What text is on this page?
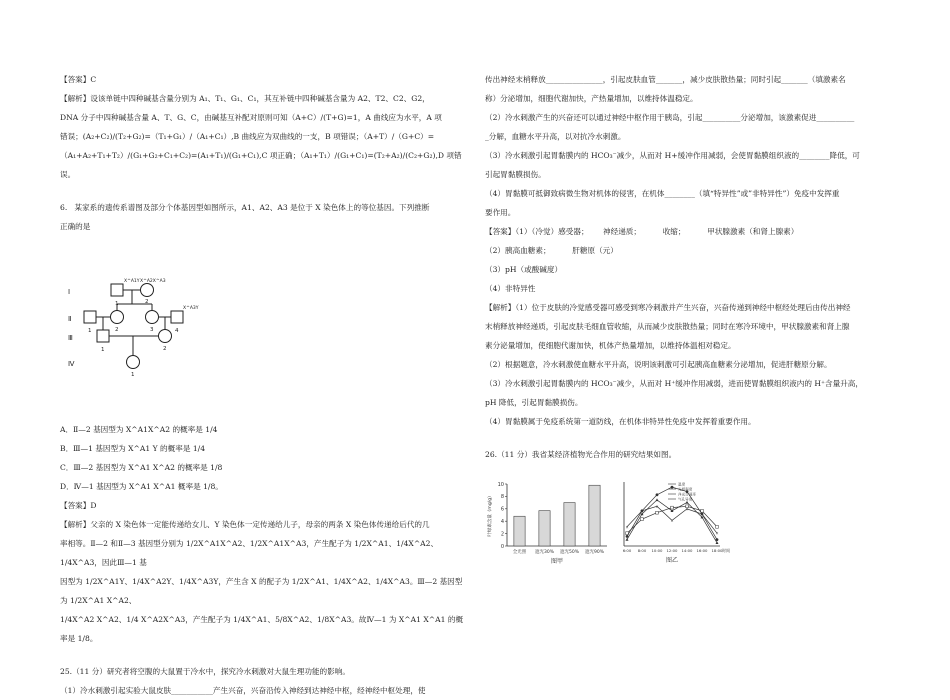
【答案】C

【解析】设该单链中四种碱基含量分别为 A₁、T₁、G₁、C₁，其互补链中四种碱基含量为 A2、T2、C2、G2，

DNA 分子中四种碱基含量 A、T、G、C，由碱基互补配对原则可知（A+C）/(T+G)=1，A 曲线应为水平，A 项

错误；(A₂+C₂)/(T₂+G₂)=（T₁+G₁）/（A₁+C₁）,B 曲线应为双曲线的一支，B 项错误；（A+T）/（G+C）=

（A₁+A₂+T₁+T₂）/(G₁+G₂+C₁+C₂)=(A₁+T₁)/(G₁+C₁),C 项正确；（A₁+T₁）/(G₁+C₁)=(T₂+A₂)/(C₂+G₂),D 项错误。

6.   某家系的遗传系谱图及部分个体基因型如图所示，A1、A2、A3 是位于 X 染色体上的等位基因。下列推断

正确的是

Ⅰ
Ⅱ
Ⅲ
Ⅳ
1	2
1	2	3	4
1	2
1
X^A1Y X^A2X^A3
X^A3Y

A．Ⅱ—2 基因型为 X^A1X^A2 的概率是 1/4

B．Ⅲ—1 基因型为 X^A1 Y 的概率是 1/4

C．Ⅲ—2 基因型为 X^A1 X^A2 的概率是 1/8

D．Ⅳ—1 基因型为 X^A1 X^A1 概率是 1/8。

【答案】D

【解析】父亲的 X 染色体一定能传递给女儿、Y 染色体一定传递给儿子，母亲的两条 X 染色体传递给后代的几

率相等。Ⅱ—2 和Ⅱ—3 基因型分别为 1/2X^A1X^A2、1/2X^A1X^A3，产生配子为 1/2X^A1、1/4X^A2、1/4X^A3，因此Ⅲ—1 基

因型为 1/2X^A1Y、1/4X^A2Y、1/4X^A3Y，产生含 X 的配子为 1/2X^A1、1/4X^A2、1/4X^A3。Ⅲ—2 基因型为 1/2X^A1 X^A2、

1/4X^A2 X^A2、1/4 X^A2X^A3，产生配子为 1/4X^A1、5/8X^A2、1/8X^A3。故Ⅳ—1 为 X^A1 X^A1 的概率是 1/8。

25.（11 分）研究者将空腹的大鼠置于冷水中，探究冷水刺激对大鼠生理功能的影响。

（1）冷水刺激引起实验大鼠皮肤___________产生兴奋，兴奋沿传入神经到达神经中枢，经神经中枢处理，使

传出神经末梢释放_______________，引起皮肤血管_______，减少皮肤散热量；同时引起_______（填激素名

称）分泌增加，细胞代谢加快，产热量增加，以维持体温稳定。

（2）冷水刺激产生的兴奋还可以通过神经中枢作用于胰岛，引起__________分泌增加，该激素促进__________

_分解，血糖水平升高，以对抗冷水刺激。

（3）冷水刺激引起胃黏膜内的 HCO₃⁻减少，从而对 H+缓冲作用减弱，会使胃黏膜组织液的________降低，可

引起胃黏膜损伤。

（4）胃黏膜可抵御致病微生物对机体的侵害，在机体________（填“特异性”或”非特异性”）免疫中发挥重

要作用。

【答案】（1）（冷觉）感受器；      神经递质；         收缩；         甲状腺激素（和肾上腺素）

（2）胰高血糖素；         肝糖原（元）

（3）pH（或酸碱度）

（4）非特异性

【解析】（1）位于皮肤的冷觉感受器可感受到寒冷刺激并产生兴奋，兴奋传递到神经中枢经处理后由传出神经

末梢释放神经递质，引起皮肤毛细血管收缩，从而减少皮肤散热量；同时在寒冷环境中，甲状腺激素和肾上腺

素分泌量增加，使细胞代谢加快，机体产热量增加，以维持体温相对稳定。

（2）根据题意，冷水刺激使血糖水平升高，说明该刺激可引起胰高血糖素分泌增加，促进肝糖原分解。

（3）冷水刺激引起胃黏膜内的 HCO₃⁻减少，从而对 H⁺缓冲作用减弱，进而使胃黏膜组织液内的 H⁺含量升高，

pH 降低，引起胃黏膜损伤。

（4）胃黏膜属于免疫系统第一道防线，在机体非特异性免疫中发挥着重要作用。

26.（11 分）我省某经济植物光合作用的研究结果如图。

0
2
4
6
8
10
叶绿素含量（mg/g）
全光照 遮光30% 遮光50% 遮光90%
图甲
6:00 8:00 10:00 12:00 14:00 16:00 18:00 时间
温度
光照强度
净光合速率
×
×
×
×
×
×
×
气孔导度
图乙
